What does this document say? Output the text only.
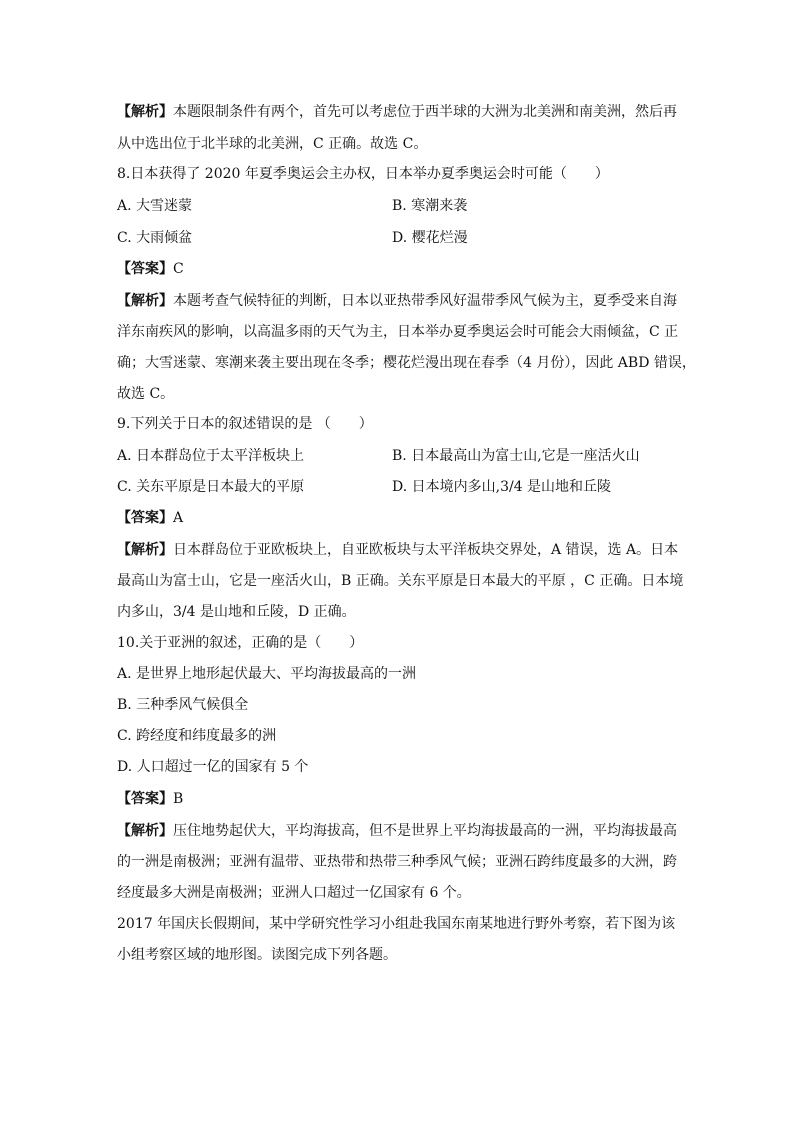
【解析】本题限制条件有两个，首先可以考虑位于西半球的大洲为北美洲和南美洲，然后再
从中选出位于北半球的北美洲，C 正确。故选 C。
8.日本获得了 2020 年夏季奥运会主办权，日本举办夏季奥运会时可能（　　）
A. 大雪迷蒙	B. 寒潮来袭
C. 大雨倾盆	D. 樱花烂漫
【答案】C
【解析】本题考查气候特征的判断，日本以亚热带季风好温带季风气候为主，夏季受来自海
洋东南疾风的影响，以高温多雨的天气为主，日本举办夏季奥运会时可能会大雨倾盆，C 正
确；大雪迷蒙、寒潮来袭主要出现在冬季；樱花烂漫出现在春季（4 月份），因此 ABD 错误，
故选 C。
9.下列关于日本的叙述错误的是 （　　）
A. 日本群岛位于太平洋板块上	B. 日本最高山为富士山,它是一座活火山
C. 关东平原是日本最大的平原	D. 日本境内多山,3/4 是山地和丘陵
【答案】A
【解析】日本群岛位于亚欧板块上，自亚欧板块与太平洋板块交界处，A 错误，选 A。日本
最高山为富士山，它是一座活火山，B 正确。关东平原是日本最大的平原 ，C 正确。日本境
内多山，3/4 是山地和丘陵，D 正确。
10.关于亚洲的叙述，正确的是（　　）
A. 是世界上地形起伏最大、平均海拔最高的一洲
B. 三种季风气候俱全
C. 跨经度和纬度最多的洲
D. 人口超过一亿的国家有 5 个
【答案】B
【解析】压住地势起伏大，平均海拔高，但不是世界上平均海拔最高的一洲，平均海拔最高
的一洲是南极洲；亚洲有温带、亚热带和热带三种季风气候；亚洲石跨纬度最多的大洲，跨
经度最多大洲是南极洲；亚洲人口超过一亿国家有 6 个。
2017 年国庆长假期间，某中学研究性学习小组赴我国东南某地进行野外考察，若下图为该
小组考察区域的地形图。读图完成下列各题。
